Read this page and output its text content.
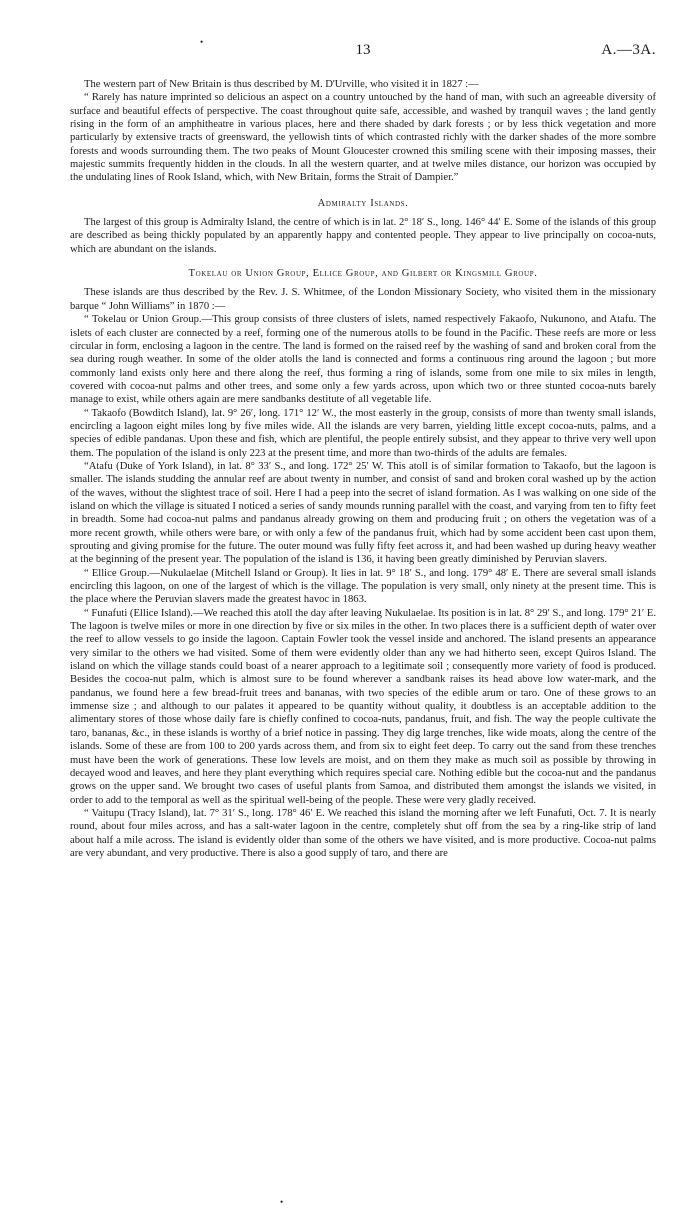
•	13	A.—3A.

The western part of New Britain is thus described by M. D'Urville, who visited it in 1827 :—

“ Rarely has nature imprinted so delicious an aspect on a country untouched by the hand of man, with such an agreeable diversity of surface and beautiful effects of perspective. The coast throughout quite safe, accessible, and washed by tranquil waves ; the land gently rising in the form of an amphitheatre in various places, here and there shaded by dark forests ; or by less thick vegetation and more particularly by extensive tracts of greensward, the yellowish tints of which contrasted richly with the darker shades of the more sombre forests and woods surrounding them. The two peaks of Mount Gloucester crowned this smiling scene with their imposing masses, their majestic summits frequently hidden in the clouds. In all the western quarter, and at twelve miles distance, our horizon was occupied by the undulating lines of Rook Island, which, with New Britain, forms the Strait of Dampier.”

Admiralty Islands.

The largest of this group is Admiralty Island, the centre of which is in lat. 2° 18′ S., long. 146° 44′ E. Some of the islands of this group are described as being thickly populated by an apparently happy and contented people. They appear to live principally on cocoa-nuts, which are abundant on the islands.

Tokelau or Union Group, Ellice Group, and Gilbert or Kingsmill Group.

These islands are thus described by the Rev. J. S. Whitmee, of the London Missionary Society, who visited them in the missionary barque “ John Williams” in 1870 :—

“ Tokelau or Union Group.—This group consists of three clusters of islets, named respectively Fakaofo, Nukunono, and Atafu. The islets of each cluster are connected by a reef, forming one of the numerous atolls to be found in the Pacific. These reefs are more or less circular in form, enclosing a lagoon in the centre. The land is formed on the raised reef by the washing of sand and broken coral from the sea during rough weather. In some of the older atolls the land is connected and forms a continuous ring around the lagoon ; but more commonly land exists only here and there along the reef, thus forming a ring of islands, some from one mile to six miles in length, covered with cocoa-nut palms and other trees, and some only a few yards across, upon which two or three stunted cocoa-nuts barely manage to exist, while others again are mere sandbanks destitute of all vegetable life.

“ Takaofo (Bowditch Island), lat. 9° 26′, long. 171° 12′ W., the most easterly in the group, consists of more than twenty small islands, encircling a lagoon eight miles long by five miles wide. All the islands are very barren, yielding little except cocoa-nuts, palms, and a species of edible pandanas. Upon these and fish, which are plentiful, the people entirely subsist, and they appear to thrive very well upon them. The population of the island is only 223 at the present time, and more than two-thirds of the adults are females.

“Atafu (Duke of York Island), in lat. 8° 33′ S., and long. 172° 25′ W. This atoll is of similar formation to Takaofo, but the lagoon is smaller. The islands studding the annular reef are about twenty in number, and consist of sand and broken coral washed up by the action of the waves, without the slightest trace of soil. Here I had a peep into the secret of island formation. As I was walking on one side of the island on which the village is situated I noticed a series of sandy mounds running parallel with the coast, and varying from ten to fifty feet in breadth. Some had cocoa-nut palms and pandanus already growing on them and producing fruit ; on others the vegetation was of a more recent growth, while others were bare, or with only a few of the pandanus fruit, which had by some accident been cast upon them, sprouting and giving promise for the future. The outer mound was fully fifty feet across it, and had been washed up during heavy weather at the beginning of the present year. The population of the island is 136, it having been greatly diminished by Peruvian slavers.

“ Ellice Group.—Nukulaelae (Mitchell Island or Group). It lies in lat. 9° 18′ S., and long. 179° 48′ E. There are several small islands encircling this lagoon, on one of the largest of which is the village. The population is very small, only ninety at the present time. This is the place where the Peruvian slavers made the greatest havoc in 1863.

“ Funafuti (Ellice Island).—We reached this atoll the day after leaving Nukulaelae. Its position is in lat. 8° 29′ S., and long. 179° 21′ E. The lagoon is twelve miles or more in one direction by five or six miles in the other. In two places there is a sufficient depth of water over the reef to allow vessels to go inside the lagoon. Captain Fowler took the vessel inside and anchored. The island presents an appearance very similar to the others we had visited. Some of them were evidently older than any we had hitherto seen, except Quiros Island. The island on which the village stands could boast of a nearer approach to a legitimate soil ; consequently more variety of food is produced. Besides the cocoa-nut palm, which is almost sure to be found wherever a sandbank raises its head above low water-mark, and the pandanus, we found here a few bread-fruit trees and bananas, with two species of the edible arum or taro. One of these grows to an immense size ; and although to our palates it appeared to be quantity without quality, it doubtless is an acceptable addition to the alimentary stores of those whose daily fare is chiefly confined to cocoa-nuts, pandanus, fruit, and fish. The way the people cultivate the taro, bananas, &c., in these islands is worthy of a brief notice in passing. They dig large trenches, like wide moats, along the centre of the islands. Some of these are from 100 to 200 yards across them, and from six to eight feet deep. To carry out the sand from these trenches must have been the work of generations. These low levels are moist, and on them they make as much soil as possible by throwing in decayed wood and leaves, and here they plant everything which requires special care. Nothing edible but the cocoa-nut and the pandanus grows on the upper sand. We brought two cases of useful plants from Samoa, and distributed them amongst the islands we visited, in order to add to the temporal as well as the spiritual well-being of the people. These were very gladly received.

“ Vaitupu (Tracy Island), lat. 7° 31′ S., long. 178° 46′ E. We reached this island the morning after we left Funafuti, Oct. 7. It is nearly round, about four miles across, and has a salt-water lagoon in the centre, completely shut off from the sea by a ring-like strip of land about half a mile across. The island is evidently older than some of the others we have visited, and is more productive. Cocoa-nut palms are very abundant, and very productive. There is also a good supply of taro, and there are

•
